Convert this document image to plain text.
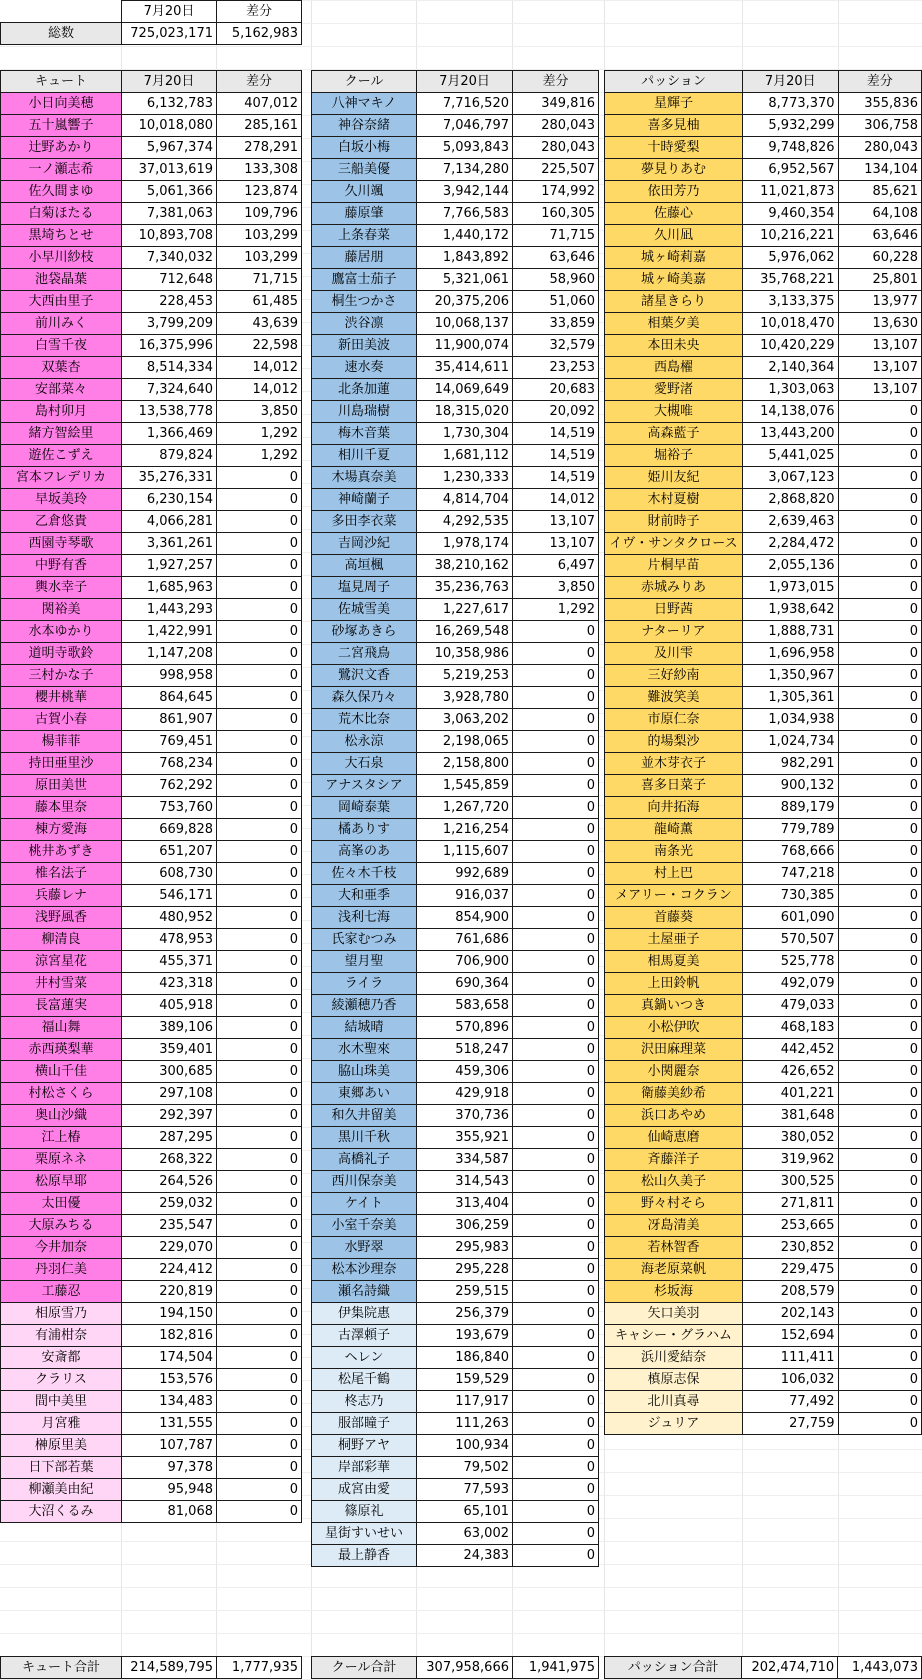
	7月20日	差分
総数	725,023,171	5,162,983
キュート	7月20日	差分
小日向美穂	6,132,783	407,012
五十嵐響子	10,018,080	285,161
辻野あかり	5,967,374	278,291
一ノ瀬志希	37,013,619	133,308
佐久間まゆ	5,061,366	123,874
白菊ほたる	7,381,063	109,796
黒埼ちとせ	10,893,708	103,299
小早川紗枝	7,340,032	103,299
池袋晶葉	712,648	71,715
大西由里子	228,453	61,485
前川みく	3,799,209	43,639
白雪千夜	16,375,996	22,598
双葉杏	8,514,334	14,012
安部菜々	7,324,640	14,012
島村卯月	13,538,778	3,850
緒方智絵里	1,366,469	1,292
遊佐こずえ	879,824	1,292
宮本フレデリカ	35,276,331	0
早坂美玲	6,230,154	0
乙倉悠貴	4,066,281	0
西園寺琴歌	3,361,261	0
中野有香	1,927,257	0
輿水幸子	1,685,963	0
関裕美	1,443,293	0
水本ゆかり	1,422,991	0
道明寺歌鈴	1,147,208	0
三村かな子	998,958	0
櫻井桃華	864,645	0
古賀小春	861,907	0
楊菲菲	769,451	0
持田亜里沙	768,234	0
原田美世	762,292	0
藤本里奈	753,760	0
棟方愛海	669,828	0
桃井あずき	651,207	0
椎名法子	608,730	0
兵藤レナ	546,171	0
浅野風香	480,952	0
柳清良	478,953	0
涼宮星花	455,371	0
井村雪菜	423,318	0
長富蓮実	405,918	0
福山舞	389,106	0
赤西瑛梨華	359,401	0
横山千佳	300,685	0
村松さくら	297,108	0
奥山沙織	292,397	0
江上椿	287,295	0
栗原ネネ	268,322	0
松原早耶	264,526	0
太田優	259,032	0
大原みちる	235,547	0
今井加奈	229,070	0
丹羽仁美	224,412	0
工藤忍	220,819	0
相原雪乃	194,150	0
有浦柑奈	182,816	0
安斎都	174,504	0
クラリス	153,576	0
間中美里	134,483	0
月宮雅	131,555	0
榊原里美	107,787	0
日下部若葉	97,378	0
柳瀬美由紀	95,948	0
大沼くるみ	81,068	0
クール	7月20日	差分
八神マキノ	7,716,520	349,816
神谷奈緒	7,046,797	280,043
白坂小梅	5,093,843	280,043
三船美優	7,134,280	225,507
久川颯	3,942,144	174,992
藤原肇	7,766,583	160,305
上条春菜	1,440,172	71,715
藤居朋	1,843,892	63,646
鷹富士茄子	5,321,061	58,960
桐生つかさ	20,375,206	51,060
渋谷凛	10,068,137	33,859
新田美波	11,900,074	32,579
速水奏	35,414,611	23,253
北条加蓮	14,069,649	20,683
川島瑞樹	18,315,020	20,092
梅木音葉	1,730,304	14,519
相川千夏	1,681,112	14,519
木場真奈美	1,230,333	14,519
神崎蘭子	4,814,704	14,012
多田李衣菜	4,292,535	13,107
吉岡沙紀	1,978,174	13,107
高垣楓	38,210,162	6,497
塩見周子	35,236,763	3,850
佐城雪美	1,227,617	1,292
砂塚あきら	16,269,548	0
二宮飛鳥	10,358,986	0
鷺沢文香	5,219,253	0
森久保乃々	3,928,780	0
荒木比奈	3,063,202	0
松永涼	2,198,065	0
大石泉	2,158,800	0
アナスタシア	1,545,859	0
岡崎泰葉	1,267,720	0
橘ありす	1,216,254	0
高峯のあ	1,115,607	0
佐々木千枝	992,689	0
大和亜季	916,037	0
浅利七海	854,900	0
氏家むつみ	761,686	0
望月聖	706,900	0
ライラ	690,364	0
綾瀬穂乃香	583,658	0
結城晴	570,896	0
水木聖來	518,247	0
脇山珠美	459,306	0
東郷あい	429,918	0
和久井留美	370,736	0
黒川千秋	355,921	0
高橋礼子	334,587	0
西川保奈美	314,543	0
ケイト	313,404	0
小室千奈美	306,259	0
水野翠	295,983	0
松本沙理奈	295,228	0
瀬名詩織	259,515	0
伊集院惠	256,379	0
古澤頼子	193,679	0
ヘレン	186,840	0
松尾千鶴	159,529	0
柊志乃	117,917	0
服部瞳子	111,263	0
桐野アヤ	100,934	0
岸部彩華	79,502	0
成宮由愛	77,593	0
篠原礼	65,101	0
星街すいせい	63,002	0
最上静香	24,383	0
パッション	7月20日	差分
星輝子	8,773,370	355,836
喜多見柚	5,932,299	306,758
十時愛梨	9,748,826	280,043
夢見りあむ	6,952,567	134,104
依田芳乃	11,021,873	85,621
佐藤心	9,460,354	64,108
久川凪	10,216,221	63,646
城ヶ崎莉嘉	5,976,062	60,228
城ヶ崎美嘉	35,768,221	25,801
諸星きらり	3,133,375	13,977
相葉夕美	10,018,470	13,630
本田未央	10,420,229	13,107
西島櫂	2,140,364	13,107
愛野渚	1,303,063	13,107
大槻唯	14,138,076	0
高森藍子	13,443,200	0
堀裕子	5,441,025	0
姫川友紀	3,067,123	0
木村夏樹	2,868,820	0
財前時子	2,639,463	0
イヴ・サンタクロース	2,284,472	0
片桐早苗	2,055,136	0
赤城みりあ	1,973,015	0
日野茜	1,938,642	0
ナターリア	1,888,731	0
及川雫	1,696,958	0
三好紗南	1,350,967	0
難波笑美	1,305,361	0
市原仁奈	1,034,938	0
的場梨沙	1,024,734	0
並木芽衣子	982,291	0
喜多日菜子	900,132	0
向井拓海	889,179	0
龍崎薫	779,789	0
南条光	768,666	0
村上巴	747,218	0
メアリー・コクラン	730,385	0
首藤葵	601,090	0
土屋亜子	570,507	0
相馬夏美	525,778	0
上田鈴帆	492,079	0
真鍋いつき	479,033	0
小松伊吹	468,183	0
沢田麻理菜	442,452	0
小関麗奈	426,652	0
衛藤美紗希	401,221	0
浜口あやめ	381,648	0
仙崎恵磨	380,052	0
斉藤洋子	319,962	0
松山久美子	300,525	0
野々村そら	271,811	0
冴島清美	253,665	0
若林智香	230,852	0
海老原菜帆	229,475	0
杉坂海	208,579	0
矢口美羽	202,143	0
キャシー・グラハム	152,694	0
浜川愛結奈	111,411	0
槙原志保	106,032	0
北川真尋	77,492	0
ジュリア	27,759	0
キュート合計	214,589,795	1,777,935	クール合計	307,958,666	1,941,975	パッション合計	202,474,710	1,443,073
